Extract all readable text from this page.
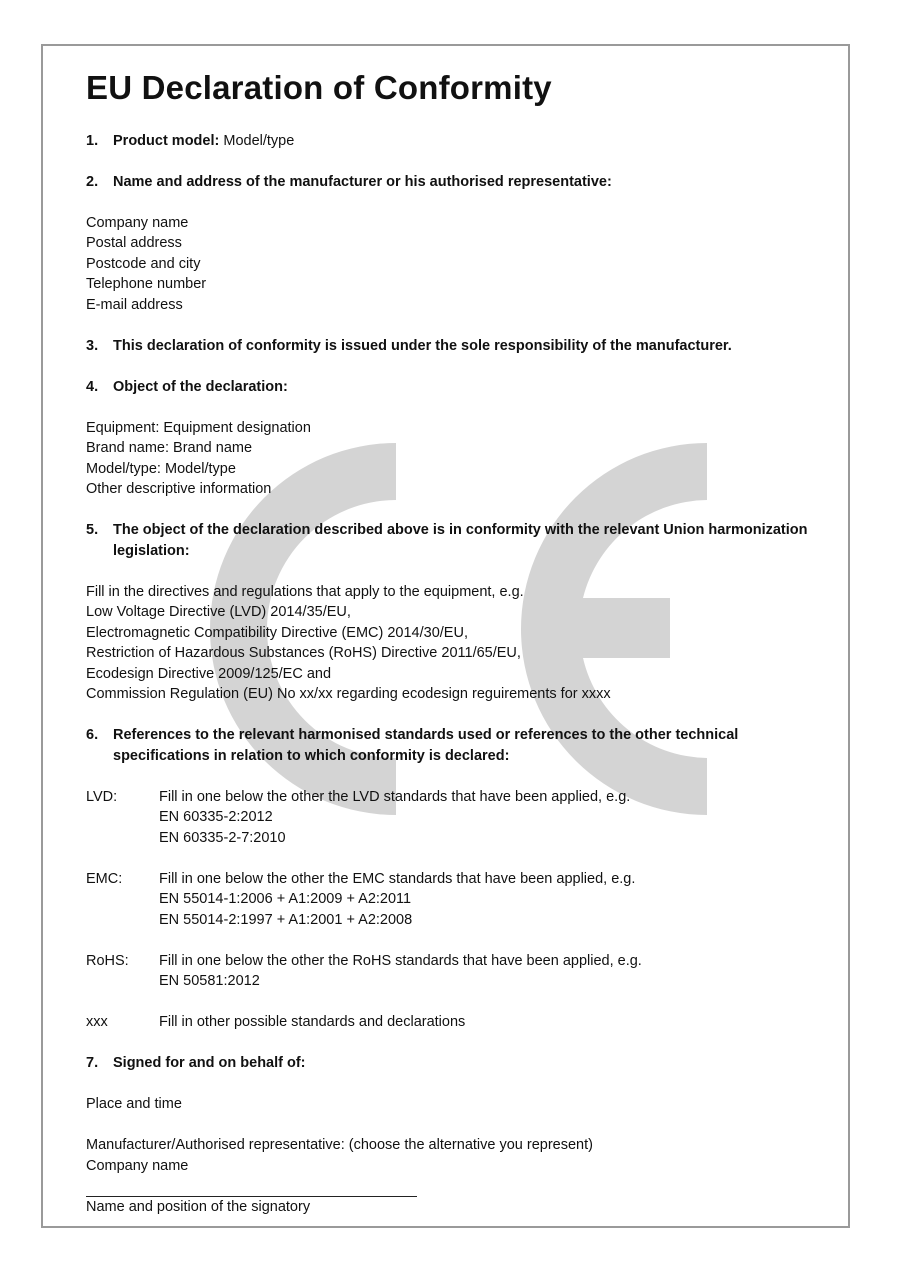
EU Declaration of Conformity
1.	Product model: Model/type
2.	Name and address of the manufacturer or his authorised representative:
Company name
Postal address
Postcode and city
Telephone number
E-mail address
3.	This declaration of conformity is issued under the sole responsibility of the manufacturer.
4.	Object of the declaration:
Equipment: Equipment designation
Brand name: Brand name
Model/type: Model/type
Other descriptive information
5.	The object of the declaration described above is in conformity with the relevant Union harmonization legislation:
Fill in the directives and regulations that apply to the equipment, e.g.
Low Voltage Directive (LVD) 2014/35/EU,
Electromagnetic Compatibility Directive (EMC) 2014/30/EU,
Restriction of Hazardous Substances (RoHS) Directive 2011/65/EU,
Ecodesign Directive 2009/125/EC and
Commission Regulation (EU) No xx/xx regarding ecodesign reguirements for xxxx
6.	References to the relevant harmonised standards used or references to the other technical specifications in relation to which conformity is declared:
LVD:	Fill in one below the other the LVD standards that have been applied, e.g.
EN 60335-2:2012
EN 60335-2-7:2010
EMC:	Fill in one below the other the EMC standards that have been applied, e.g.
EN 55014-1:2006 + A1:2009 + A2:2011
EN 55014-2:1997 + A1:2001 + A2:2008
RoHS:	Fill in one below the other the RoHS standards that have been applied, e.g.
EN 50581:2012
xxx	Fill in other possible standards and declarations
7.	Signed for and on behalf of:
Place and time
Manufacturer/Authorised representative: (choose the alternative you represent)
Company name
Name and position of the signatory
